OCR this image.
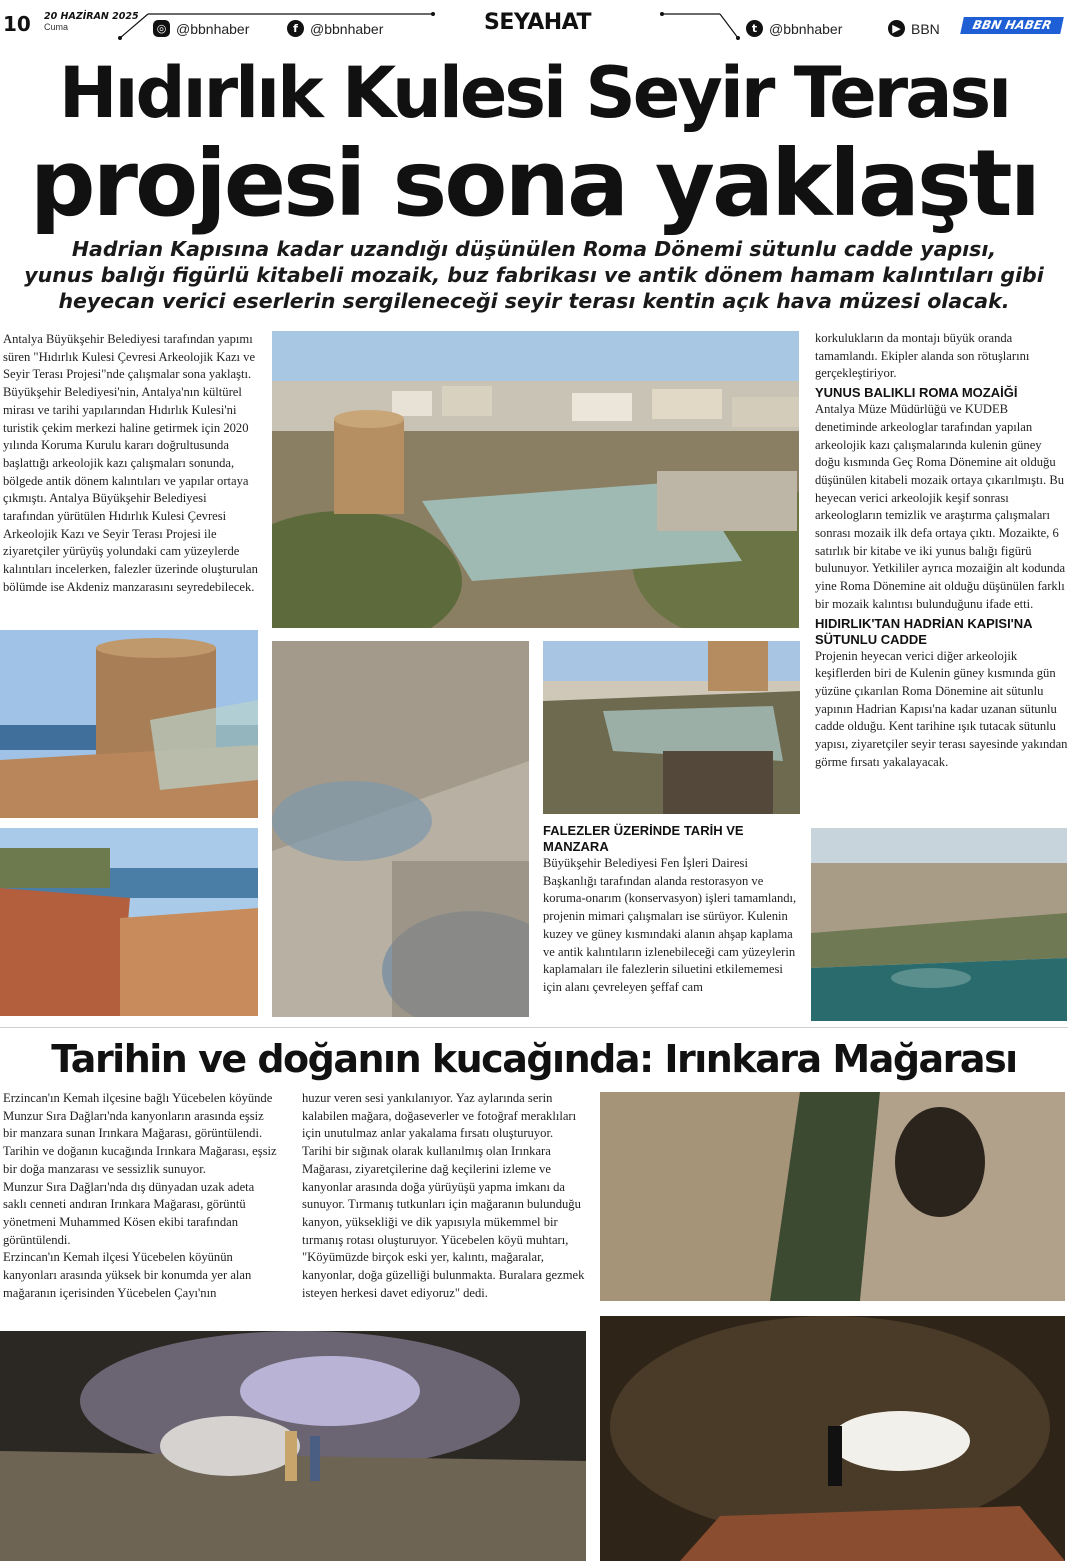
10 20 HAZİRAN 2025
Cuma	◎ @bbnhaber	f @bbnhaber	SEYAHAT	t @bbnhaber	▶ BBN	BBN HABER
Hıdırlık Kulesi Seyir Terası
projesi sona yaklaştı
Hadrian Kapısına kadar uzandığı düşünülen Roma Dönemi sütunlu cadde yapısı,
yunus balığı figürlü kitabeli mozaik, buz fabrikası ve antik dönem hamam kalıntıları gibi
heyecan verici eserlerin sergileneceği seyir terası kentin açık hava müzesi olacak.
Antalya Büyükşehir Belediyesi tarafından yapımı süren "Hıdırlık Kulesi Çevresi Arkeolojik Kazı ve Seyir Terası Projesi"nde çalışmalar sona yaklaştı. Büyükşehir Belediyesi'nin, Antalya'nın kültürel mirası ve tarihi yapılarından Hıdırlık Kulesi'ni turistik çekim merkezi haline getirmek için 2020 yılında Koruma Kurulu kararı doğrultusunda başlattığı arkeolojik kazı çalışmaları sonunda, bölgede antik dönem kalıntıları ve yapılar ortaya çıkmıştı. Antalya Büyükşehir Belediyesi tarafından yürütülen Hıdırlık Kulesi Çevresi Arkeolojik Kazı ve Seyir Terası Projesi ile ziyaretçiler yürüyüş yolundaki cam yüzeylerde kalıntıları incelerken, falezler üzerinde oluşturulan bölümde ise Akdeniz manzarasını seyredebilecek.

korkulukların da montajı büyük oranda tamamlandı. Ekipler alanda son rötuşlarını gerçekleştiriyor.

YUNUS BALIKLI ROMA MOZAİĞİ

Antalya Müze Müdürlüğü ve KUDEB denetiminde arkeologlar tarafından yapılan arkeolojik kazı çalışmalarında kulenin güney doğu kısmında Geç Roma Dönemine ait olduğu düşünülen kitabeli mozaik ortaya çıkarılmıştı. Bu heyecan verici arkeolojik keşif sonrası arkeologların temizlik ve araştırma çalışmaları sonrası mozaik ilk defa ortaya çıktı. Mozaikte, 6 satırlık bir kitabe ve iki yunus balığı figürü bulunuyor. Yetkililer ayrıca mozaiğin alt kodunda yine Roma Dönemine ait olduğu düşünülen farklı bir mozaik kalıntısı bulunduğunu ifade etti.

HIDIRLIK'TAN HADRİAN KAPISI'NA SÜTUNLU CADDE

Projenin heyecan verici diğer arkeolojik keşiflerden biri de Kulenin güney kısmında gün yüzüne çıkarılan Roma Dönemine ait sütunlu yapının Hadrian Kapısı'na kadar uzanan sütunlu cadde olduğu. Kent tarihine ışık tutacak sütunlu yapısı, ziyaretçiler seyir terası sayesinde yakından görme fırsatı yakalayacak.

FALEZLER ÜZERİNDE TARİH VE MANZARA

Büyükşehir Belediyesi Fen İşleri Dairesi Başkanlığı tarafından alanda restorasyon ve koruma-onarım (konservasyon) işleri tamamlandı, projenin mimari çalışmaları ise sürüyor. Kulenin kuzey ve güney kısmındaki alanın ahşap kaplama ve antik kalıntıların izlenebileceği cam yüzeylerin kaplamaları ile falezlerin siluetini etkilememesi için alanı çevreleyen şeffaf cam

Tarihin ve doğanın kucağında: Irınkara Mağarası

Erzincan'ın Kemah ilçesine bağlı Yücebelen köyünde Munzur Sıra Dağları'nda kanyonların arasında eşsiz bir manzara sunan Irınkara Mağarası, görüntülendi.

Tarihin ve doğanın kucağında Irınkara Mağarası, eşsiz bir doğa manzarası ve sessizlik sunuyor.

Munzur Sıra Dağları'nda dış dünyadan uzak adeta saklı cenneti andıran Irınkara Mağarası, görüntü yönetmeni Muhammed Kösen ekibi tarafından görüntülendi.

Erzincan'ın Kemah ilçesi Yücebelen köyünün kanyonları arasında yüksek bir konumda yer alan mağaranın içerisinden Yücebelen Çayı'nın

huzur veren sesi yankılanıyor. Yaz aylarında serin kalabilen mağara, doğaseverler ve fotoğraf meraklıları için unutulmaz anlar yakalama fırsatı oluşturuyor. Tarihi bir sığınak olarak kullanılmış olan Irınkara Mağarası, ziyaretçilerine dağ keçilerini izleme ve kanyonlar arasında doğa yürüyüşü yapma imkanı da sunuyor. Tırmanış tutkunları için mağaranın bulunduğu kanyon, yüksekliği ve dik yapısıyla mükemmel bir tırmanış rotası oluşturuyor. Yücebelen köyü muhtarı, "Köyümüzde birçok eski yer, kalıntı, mağaralar, kanyonlar, doğa güzelliği bulunmakta. Buralara gezmek isteyen herkesi davet ediyoruz" dedi.
